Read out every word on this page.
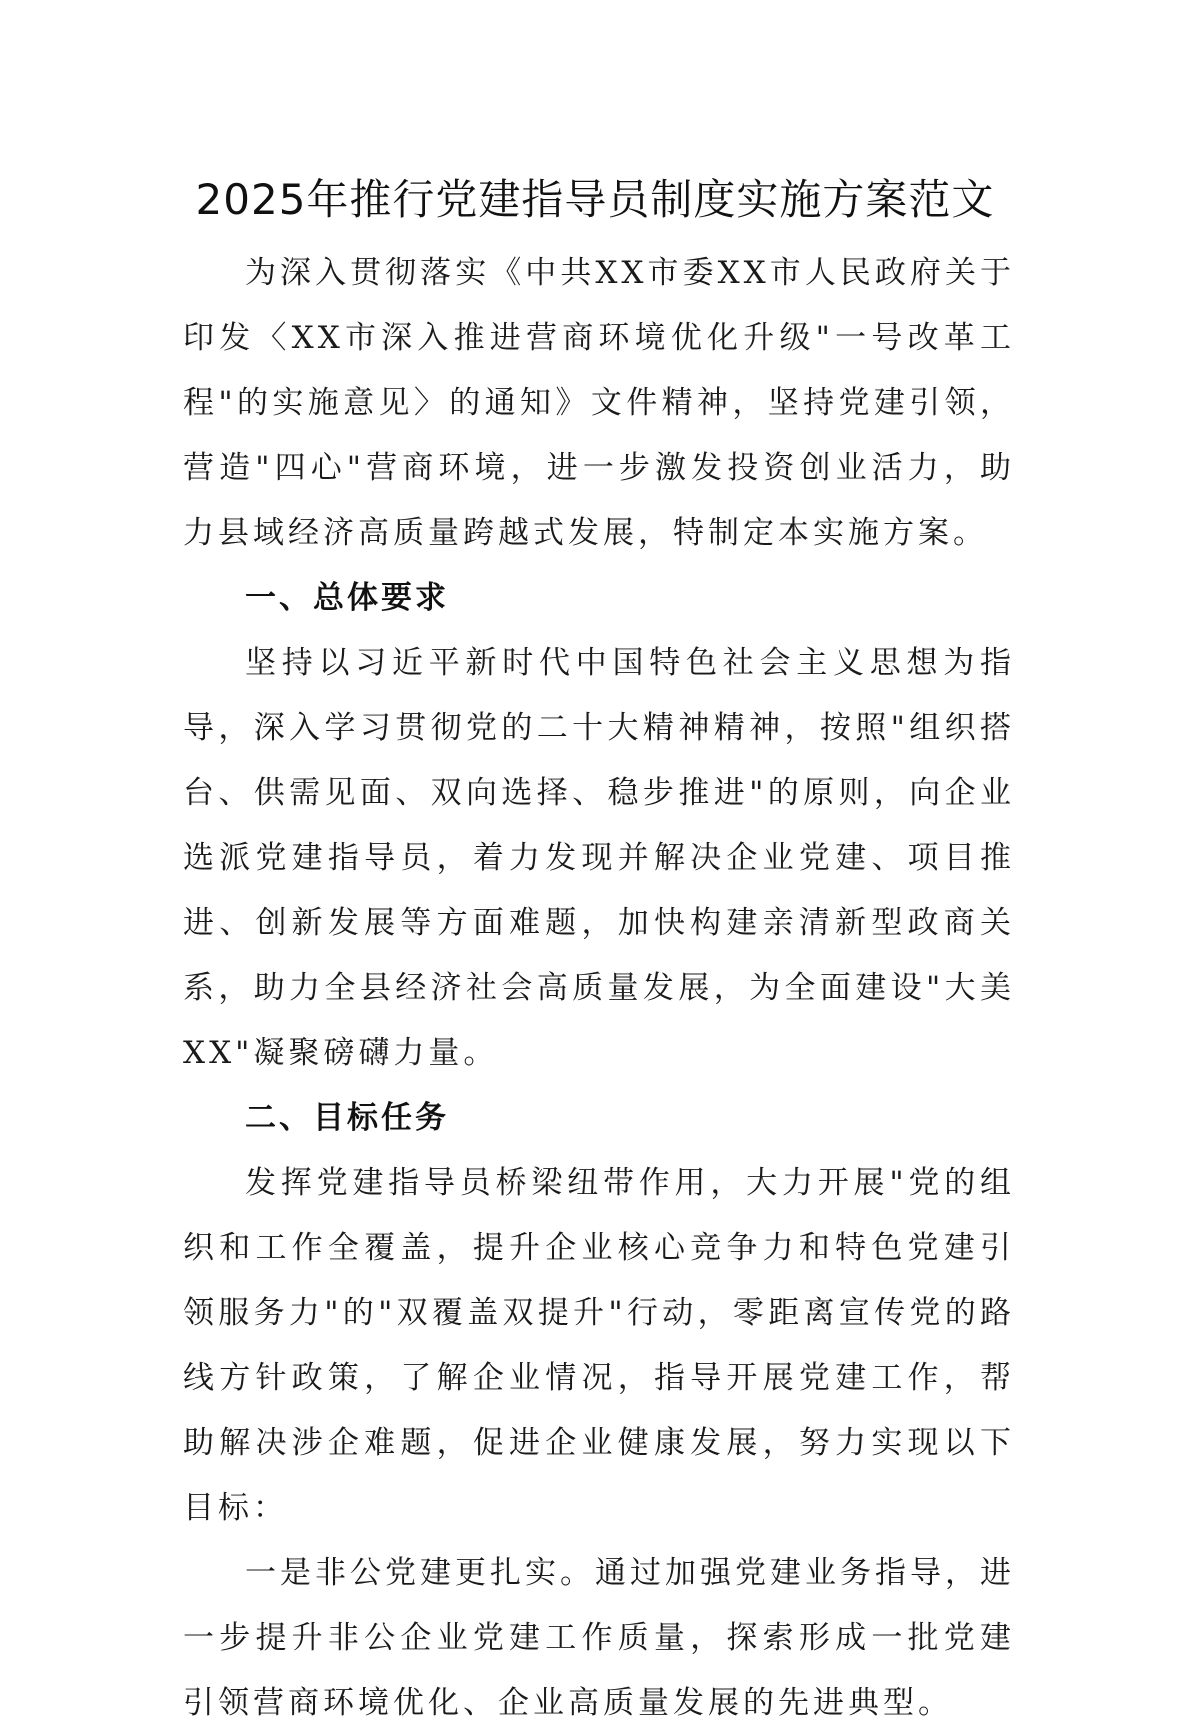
2025年推行党建指导员制度实施方案范文

为深入贯彻落实《中共XX市委XX市人民政府关于印发〈XX市深入推进营商环境优化升级"一号改革工程"的实施意见〉的通知》文件精神，坚持党建引领，营造"四心"营商环境，进一步激发投资创业活力，助力县域经济高质量跨越式发展，特制定本实施方案。

一、总体要求

坚持以习近平新时代中国特色社会主义思想为指导，深入学习贯彻党的二十大精神精神，按照"组织搭台、供需见面、双向选择、稳步推进"的原则，向企业选派党建指导员，着力发现并解决企业党建、项目推进、创新发展等方面难题，加快构建亲清新型政商关系，助力全县经济社会高质量发展，为全面建设"大美XX"凝聚磅礴力量。

二、目标任务

发挥党建指导员桥梁纽带作用，大力开展"党的组织和工作全覆盖，提升企业核心竞争力和特色党建引领服务力"的"双覆盖双提升"行动，零距离宣传党的路线方针政策，了解企业情况，指导开展党建工作，帮助解决涉企难题，促进企业健康发展，努力实现以下目标：

一是非公党建更扎实。通过加强党建业务指导，进一步提升非公企业党建工作质量，探索形成一批党建引领营商环境优化、企业高质量发展的先进典型。
